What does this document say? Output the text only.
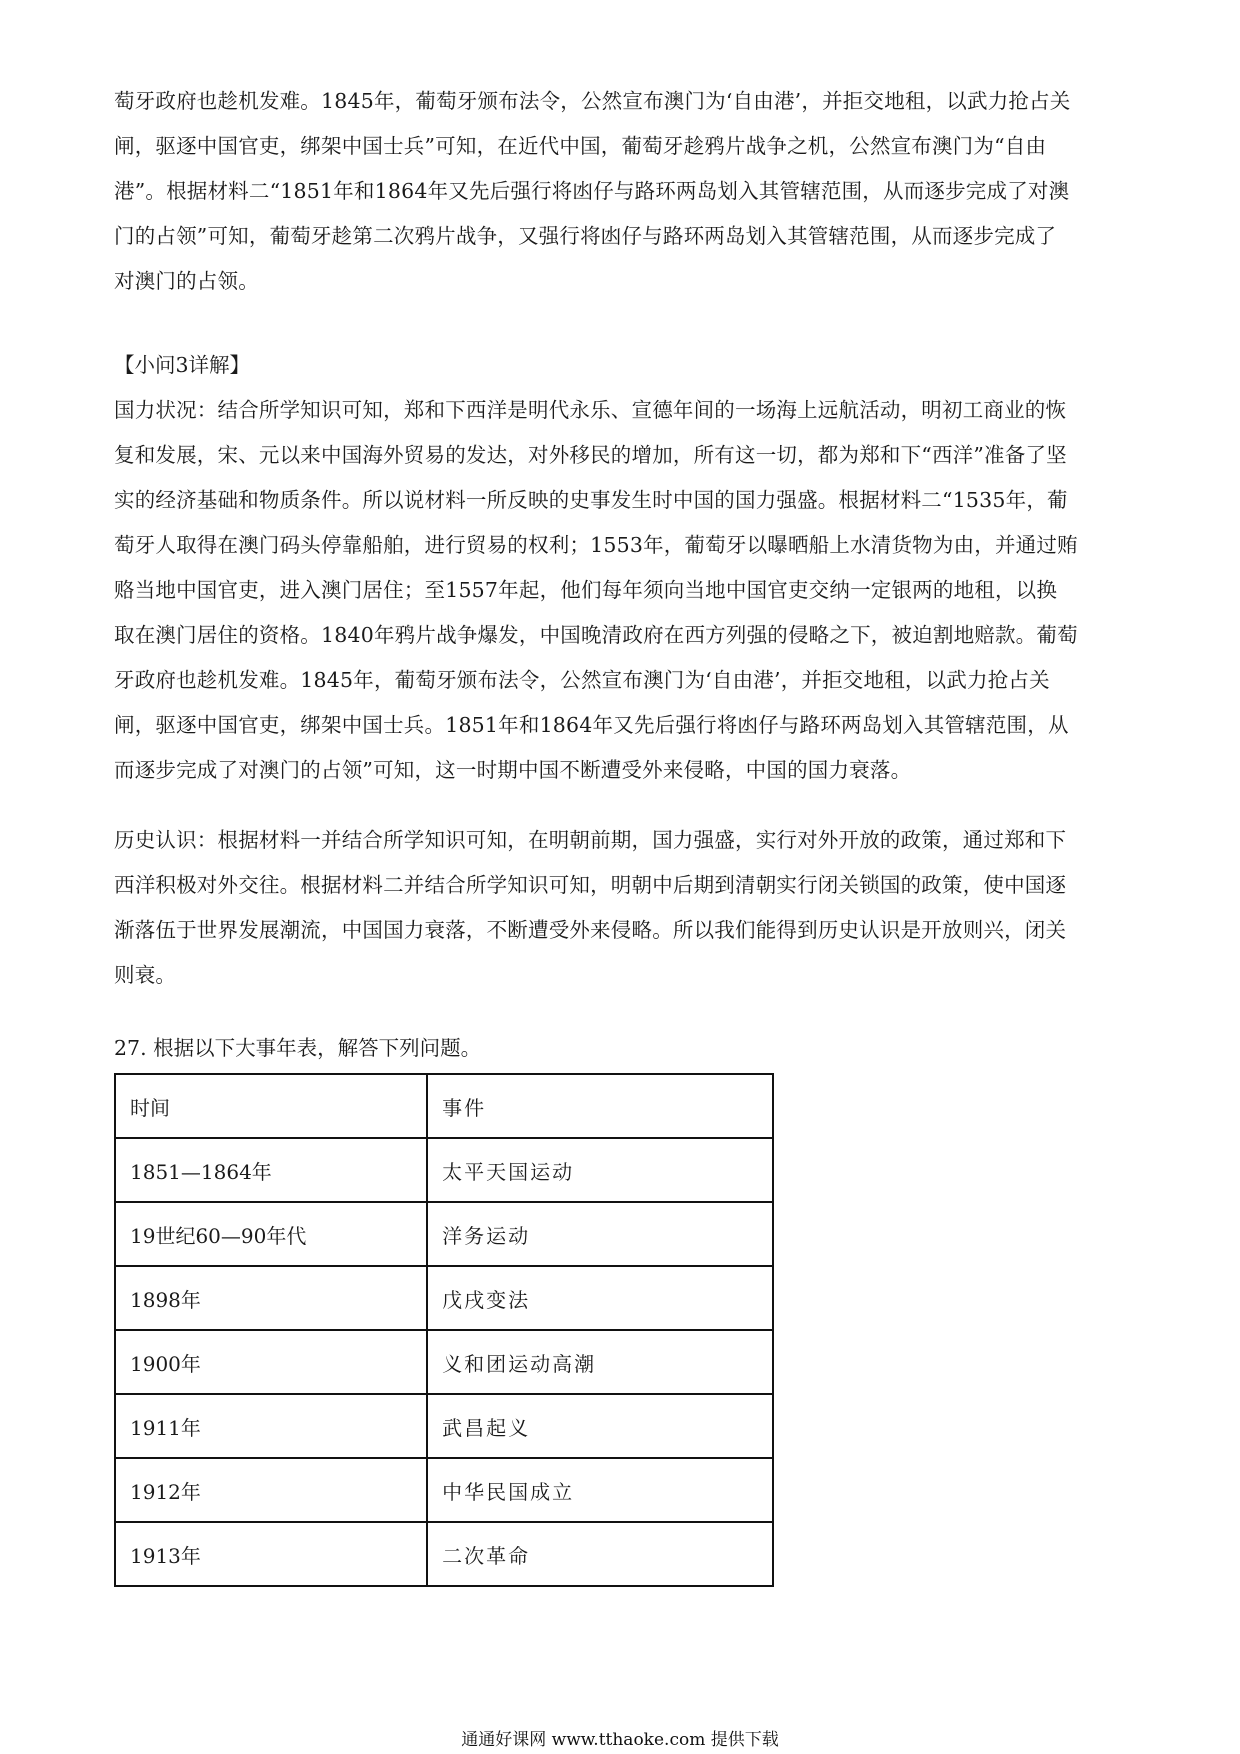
萄牙政府也趁机发难。1845年，葡萄牙颁布法令，公然宣布澳门为‘自由港’，并拒交地租，以武力抢占关
闸，驱逐中国官吏，绑架中国士兵”可知，在近代中国，葡萄牙趁鸦片战争之机，公然宣布澳门为“自由
港”。根据材料二“1851年和1864年又先后强行将凼仔与路环两岛划入其管辖范围，从而逐步完成了对澳
门的占领”可知，葡萄牙趁第二次鸦片战争，又强行将凼仔与路环两岛划入其管辖范围，从而逐步完成了
对澳门的占领。

【小问3详解】

国力状况：结合所学知识可知，郑和下西洋是明代永乐、宣德年间的一场海上远航活动，明初工商业的恢
复和发展，宋、元以来中国海外贸易的发达，对外移民的增加，所有这一切，都为郑和下“西洋”准备了坚
实的经济基础和物质条件。所以说材料一所反映的史事发生时中国的国力强盛。根据材料二“1535年，葡
萄牙人取得在澳门码头停靠船舶，进行贸易的权利；1553年，葡萄牙以曝晒船上水清货物为由，并通过贿
赂当地中国官吏，进入澳门居住；至1557年起，他们每年须向当地中国官吏交纳一定银两的地租，以换
取在澳门居住的资格。1840年鸦片战争爆发，中国晚清政府在西方列强的侵略之下，被迫割地赔款。葡萄
牙政府也趁机发难。1845年，葡萄牙颁布法令，公然宣布澳门为‘自由港’，并拒交地租，以武力抢占关
闸，驱逐中国官吏，绑架中国士兵。1851年和1864年又先后强行将凼仔与路环两岛划入其管辖范围，从
而逐步完成了对澳门的占领”可知，这一时期中国不断遭受外来侵略，中国的国力衰落。
历史认识：根据材料一并结合所学知识可知，在明朝前期，国力强盛，实行对外开放的政策，通过郑和下
西洋积极对外交往。根据材料二并结合所学知识可知，明朝中后期到清朝实行闭关锁国的政策，使中国逐
渐落伍于世界发展潮流，中国国力衰落，不断遭受外来侵略。所以我们能得到历史认识是开放则兴，闭关
则衰。

27. 根据以下大事年表，解答下列问题。

时间	事件
1851—1864年	太平天国运动
19世纪60—90年代	洋务运动
1898年	戊戌变法
1900年	义和团运动高潮
1911年	武昌起义
1912年	中华民国成立
1913年	二次革命

通通好课网 www.tthaoke.com 提供下载
